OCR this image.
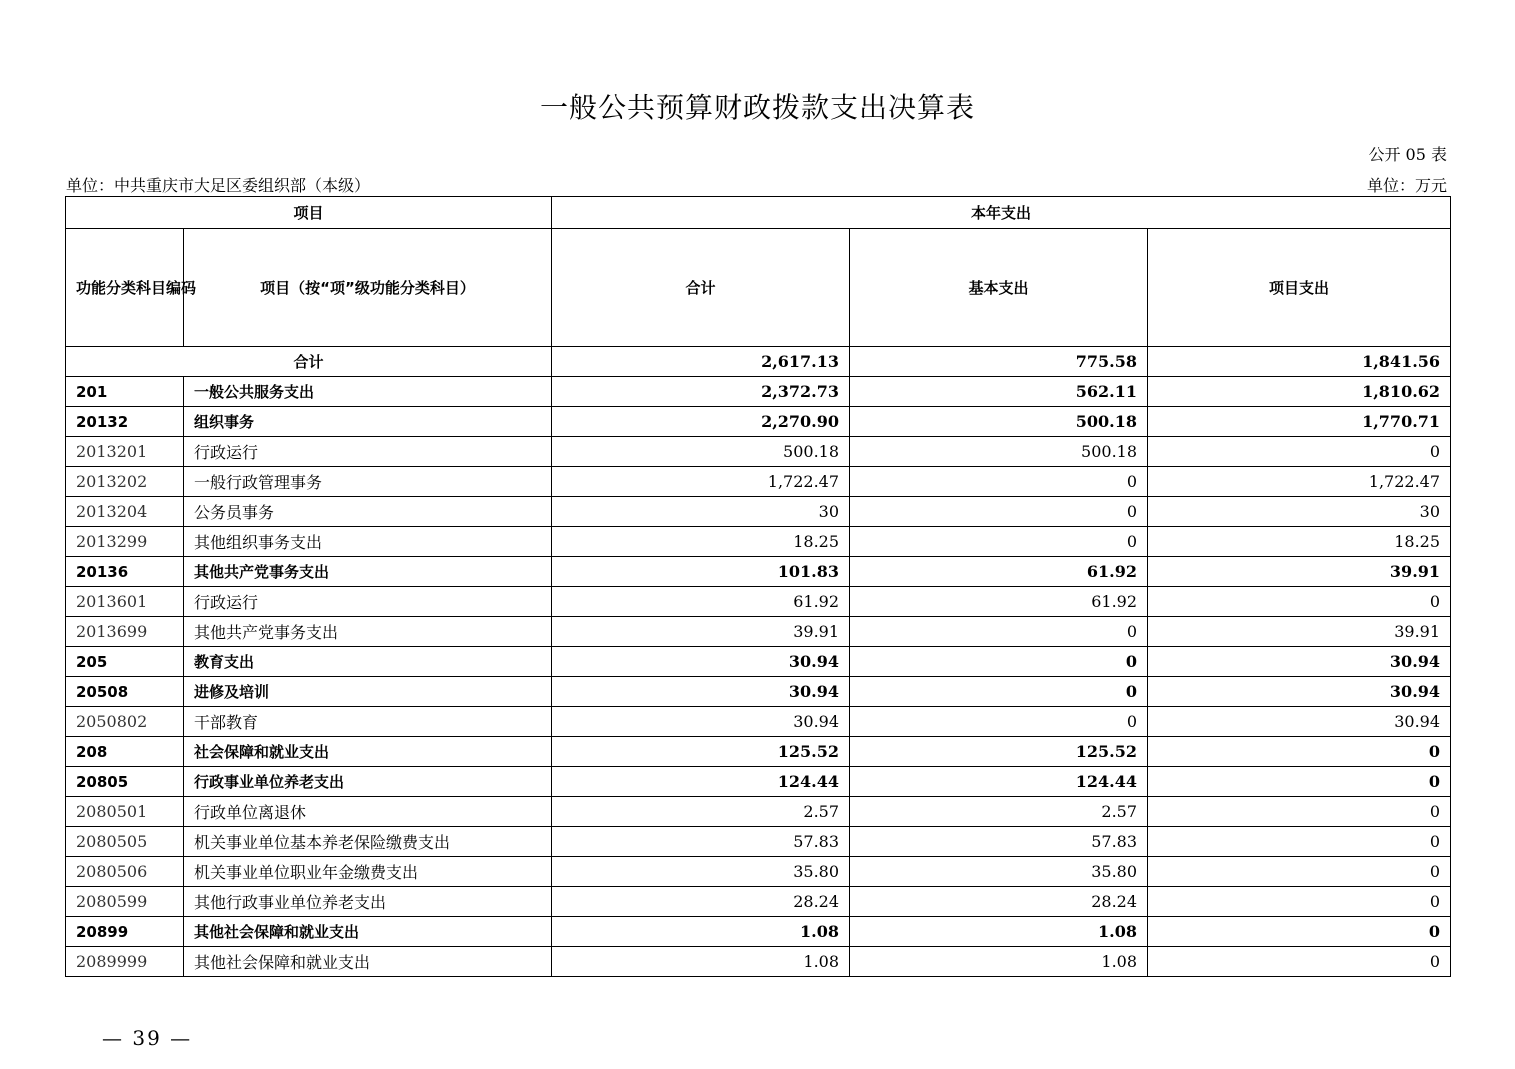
一般公共预算财政拨款支出决算表
公开 05 表
单位：中共重庆市大足区委组织部（本级）	单位：万元
项目		本年支出		
功能分类科目编码	项目（按“项”级功能分类科目）	合计	基本支出	项目支出
合计		2,617.13	775.58	1,841.56
201	一般公共服务支出	2,372.73	562.11	1,810.62
20132	组织事务	2,270.90	500.18	1,770.71
2013201	行政运行	500.18	500.18	0
2013202	一般行政管理事务	1,722.47	0	1,722.47
2013204	公务员事务	30	0	30
2013299	其他组织事务支出	18.25	0	18.25
20136	其他共产党事务支出	101.83	61.92	39.91
2013601	行政运行	61.92	61.92	0
2013699	其他共产党事务支出	39.91	0	39.91
205	教育支出	30.94	0	30.94
20508	进修及培训	30.94	0	30.94
2050802	干部教育	30.94	0	30.94
208	社会保障和就业支出	125.52	125.52	0
20805	行政事业单位养老支出	124.44	124.44	0
2080501	行政单位离退休	2.57	2.57	0
2080505	机关事业单位基本养老保险缴费支出	57.83	57.83	0
2080506	机关事业单位职业年金缴费支出	35.80	35.80	0
2080599	其他行政事业单位养老支出	28.24	28.24	0
20899	其他社会保障和就业支出	1.08	1.08	0
2089999	其他社会保障和就业支出	1.08	1.08	0
— 39 —
